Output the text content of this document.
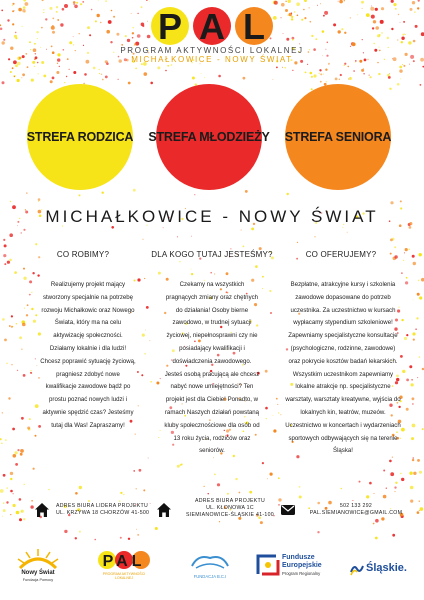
P A L
PROGRAM AKTYWNOŚCI LOKALNEJ
MICHAŁKOWICE - NOWY ŚWIAT
STREFA RODZICA STREFA MŁODZIEŻY STREFA SENIORA
MICHAŁKOWICE - NOWY ŚWIAT
CO ROBIMY?	DLA KOGO TUTAJ JESTEŚMY?	CO OFERUJEMY?

Realizujemy projekt mający stworzony specjalnie na potrzebę rozwoju Michałkowic oraz Nowego Świata, który ma na celu aktywizację społeczności. Działamy lokalnie i dla ludzi! Chcesz poprawić sytuację życiową, pragniesz zdobyć nowe kwalifikacje zawodowe bądź po prostu poznać nowych ludzi i aktywnie spędzić czas? Jesteśmy tutaj dla Was! Zapraszamy!

Czekamy na wszystkich pragnących zmiany oraz chętnych do działania! Osoby bierne zawodowo, w trudnej sytuacji życiowej, niepełnosprawni czy nie posiadający kwalifikacji i doświadczenia zawodowego. Jesteś osobą pracującą ale chcesz nabyć nowe umiejętności? Ten projekt jest dla Ciebie! Ponadto, w ramach Naszych działań powstaną kluby społecznościowe dla osób od 13 roku życia, rodziców oraz seniorów.

Bezpłatne, atrakcyjne kursy i szkolenia zawodowe dopasowane do potrzeb uczestnika. Za uczestnictwo w kursach wypłacamy stypendium szkoleniowe! Zapewniamy specjalistyczne konsultacje (psychologiczne, rodzinne, zawodowe) oraz pokrycie kosztów badań lekarskich. Wszystkim uczestnikom zapewniamy lokalne atrakcje np. specjalistyczne warsztaty, warsztaty kreatywne, wyjścia do lokalnych kin, teatrów, muzeów. Uczestnictwo w koncertach i wydarzeniach sportowych odbywających się na terenie Śląska!

ADRES BIURA LIDERA PROJEKTU
UL. KRZYWA 18 CHORZÓW 41-500
ADRES BIURA PROJEKTU
UL. KŁONOWA 1C
SIEMIANOWICE-ŚLĄSKIE 41-100
502 133 292
PAL.SIEMIANOWICE@GMAIL.COM
Nowy Świat
Fundacja Pomocy
PAL
PROGRAM AKTYWNOŚCI LOKALNEJ	FUNDACJA B.C.I
Fundusze
Europejskie
Program Regionalny	Śląskie.
